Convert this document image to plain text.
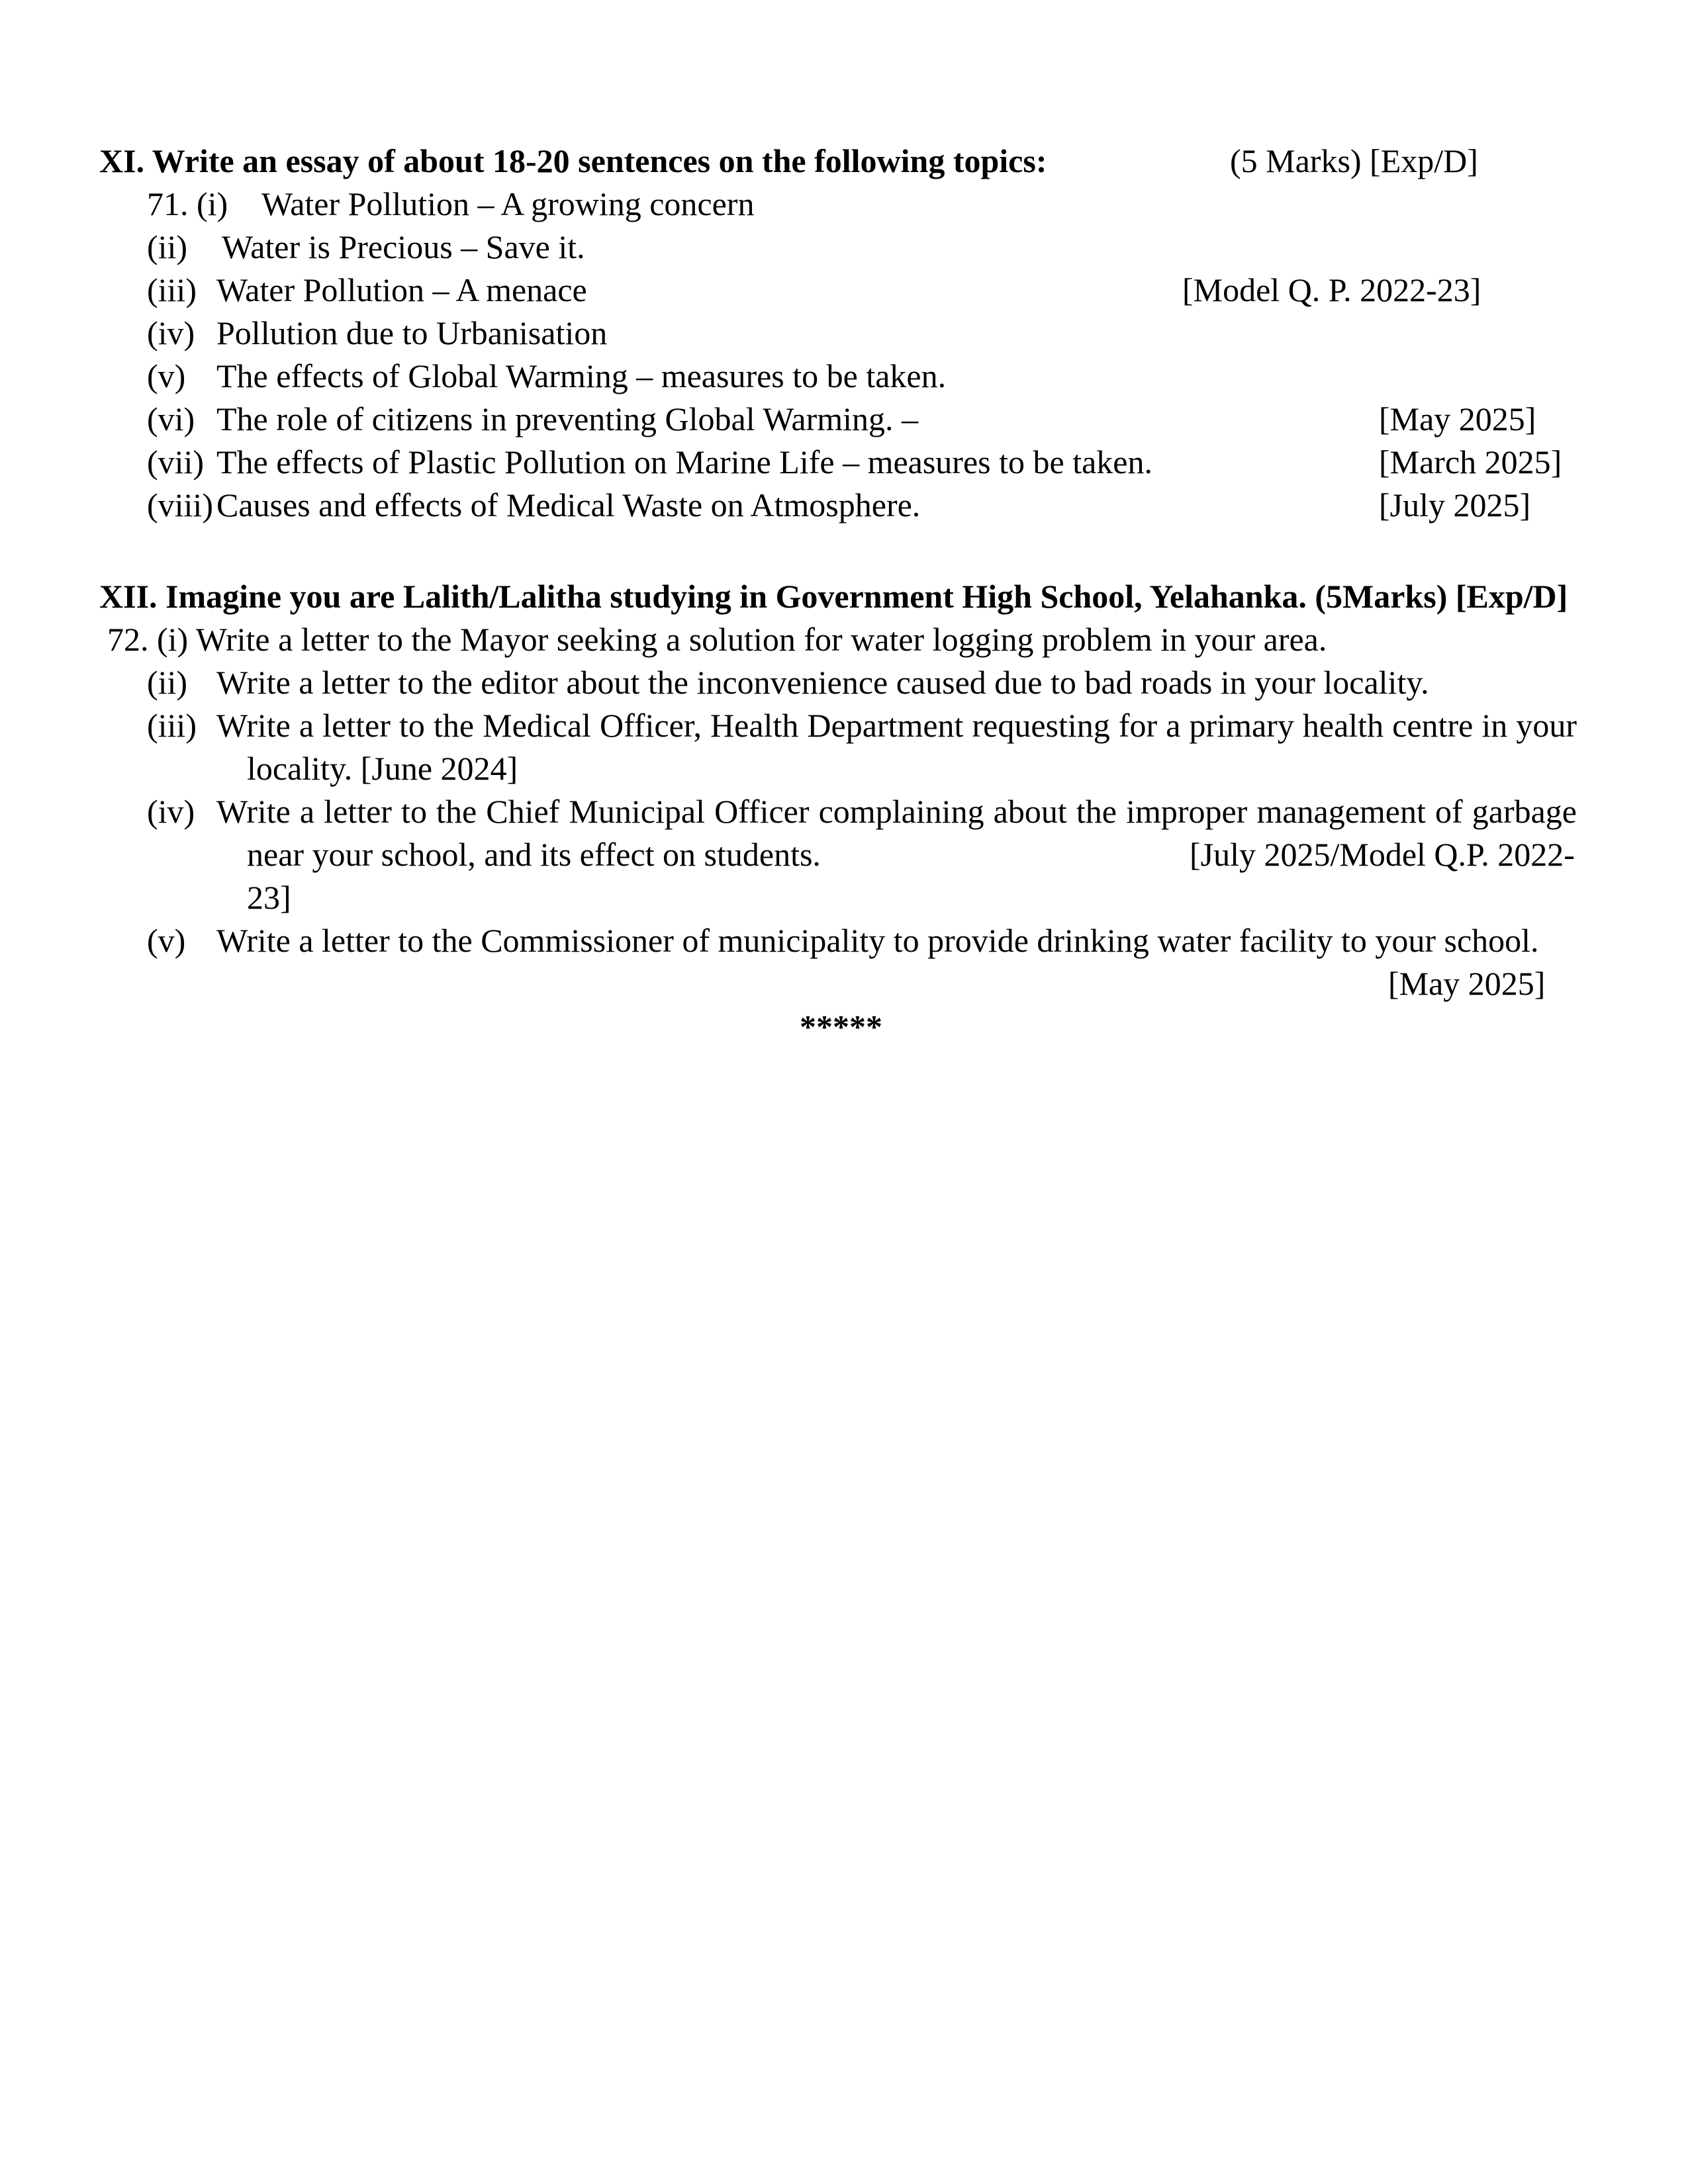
XI. Write an essay of about 18-20 sentences on the following topics:	(5 Marks) [Exp/D]
71. (i) Water Pollution – A growing concern
(ii) Water is Precious – Save it.
(iii) Water Pollution – A menace	[Model Q. P. 2022-23]
(iv) Pollution due to Urbanisation
(v) The effects of Global Warming – measures to be taken.
(vi) The role of citizens in preventing Global Warming. –	[May 2025]
(vii) The effects of Plastic Pollution on Marine Life – measures to be taken.	[March 2025]
(viii) Causes and effects of Medical Waste on Atmosphere.	[July 2025]
XII. Imagine you are Lalith/Lalitha studying in Government High School, Yelahanka. (5Marks) [Exp/D]
72. (i) Write a letter to the Mayor seeking a solution for water logging problem in your area.
(ii) Write a letter to the editor about the inconvenience caused due to bad roads in your locality.
(iii) Write a letter to the Medical Officer, Health Department requesting for a primary health centre in your
locality. [June 2024]
(iv) Write a letter to the Chief Municipal Officer complaining about the improper management of garbage
near your school, and its effect on students.	[July 2025/Model Q.P. 2022-
23]
(v) Write a letter to the Commissioner of municipality to provide drinking water facility to your school.
[May 2025]
*****
